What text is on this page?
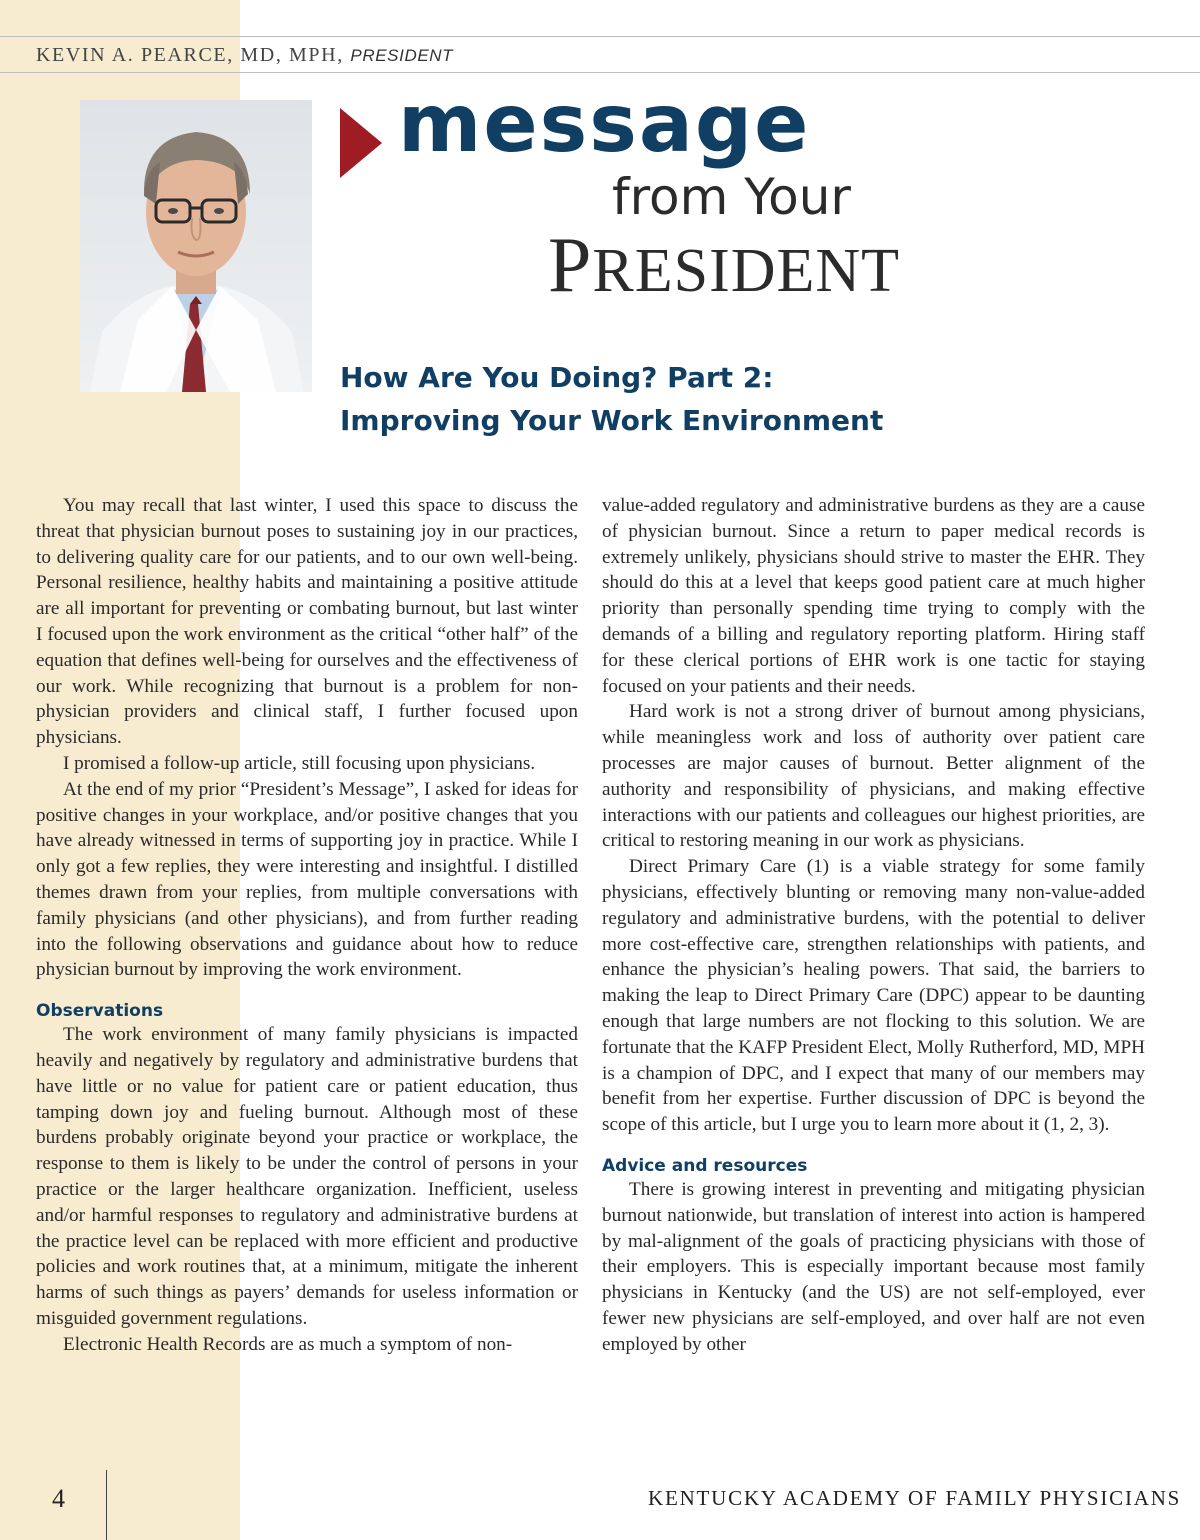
KEVIN A. PEARCE, MD, MPH, PRESIDENT
message
from Your
PRESIDENT
How Are You Doing? Part 2:
Improving Your Work Environment

You may recall that last winter, I used this space to discuss the threat that physician burnout poses to sustaining joy in our practices, to delivering quality care for our patients, and to our own well-being. Personal resilience, healthy habits and maintaining a positive attitude are all important for preventing or combating burnout, but last winter I focused upon the work environment as the critical “other half” of the equation that defines well-being for ourselves and the effectiveness of our work. While recognizing that burnout is a problem for non-physician providers and clinical staff, I further focused upon physicians.

I promised a follow-up article, still focusing upon physicians.

At the end of my prior “President’s Message”, I asked for ideas for positive changes in your workplace, and/or positive changes that you have already witnessed in terms of supporting joy in practice. While I only got a few replies, they were interesting and insightful. I distilled themes drawn from your replies, from multiple conversations with family physicians (and other physicians), and from further reading into the following observations and guidance about how to reduce physician burnout by improving the work environment.

Observations

The work environment of many family physicians is impacted heavily and negatively by regulatory and administrative burdens that have little or no value for patient care or patient education, thus tamping down joy and fueling burnout. Although most of these burdens probably originate beyond your practice or workplace, the response to them is likely to be under the control of persons in your practice or the larger healthcare organization. Inefficient, useless and/or harmful responses to regulatory and administrative burdens at the practice level can be replaced with more efficient and productive policies and work routines that, at a minimum, mitigate the inherent harms of such things as payers’ demands for useless information or misguided government regulations.

Electronic Health Records are as much a symptom of non-

value-added regulatory and administrative burdens as they are a cause of physician burnout. Since a return to paper medical records is extremely unlikely, physicians should strive to master the EHR. They should do this at a level that keeps good patient care at much higher priority than personally spending time trying to comply with the demands of a billing and regulatory reporting platform. Hiring staff for these clerical portions of EHR work is one tactic for staying focused on your patients and their needs.

Hard work is not a strong driver of burnout among physicians, while meaningless work and loss of authority over patient care processes are major causes of burnout. Better alignment of the authority and responsibility of physicians, and making effective interactions with our patients and colleagues our highest priorities, are critical to restoring meaning in our work as physicians.

Direct Primary Care (1) is a viable strategy for some family physicians, effectively blunting or removing many non-value-added regulatory and administrative burdens, with the potential to deliver more cost-effective care, strengthen relationships with patients, and enhance the physician’s healing powers. That said, the barriers to making the leap to Direct Primary Care (DPC) appear to be daunting enough that large numbers are not flocking to this solution. We are fortunate that the KAFP President Elect, Molly Rutherford, MD, MPH is a champion of DPC, and I expect that many of our members may benefit from her expertise. Further discussion of DPC is beyond the scope of this article, but I urge you to learn more about it (1, 2, 3).

Advice and resources

There is growing interest in preventing and mitigating physician burnout nationwide, but translation of interest into action is hampered by mal-alignment of the goals of practicing physicians with those of their employers. This is especially important because most family physicians in Kentucky (and the US) are not self-employed, ever fewer new physicians are self-employed, and over half are not even employed by other

4	KENTUCKY ACADEMY OF FAMILY PHYSICIANS
